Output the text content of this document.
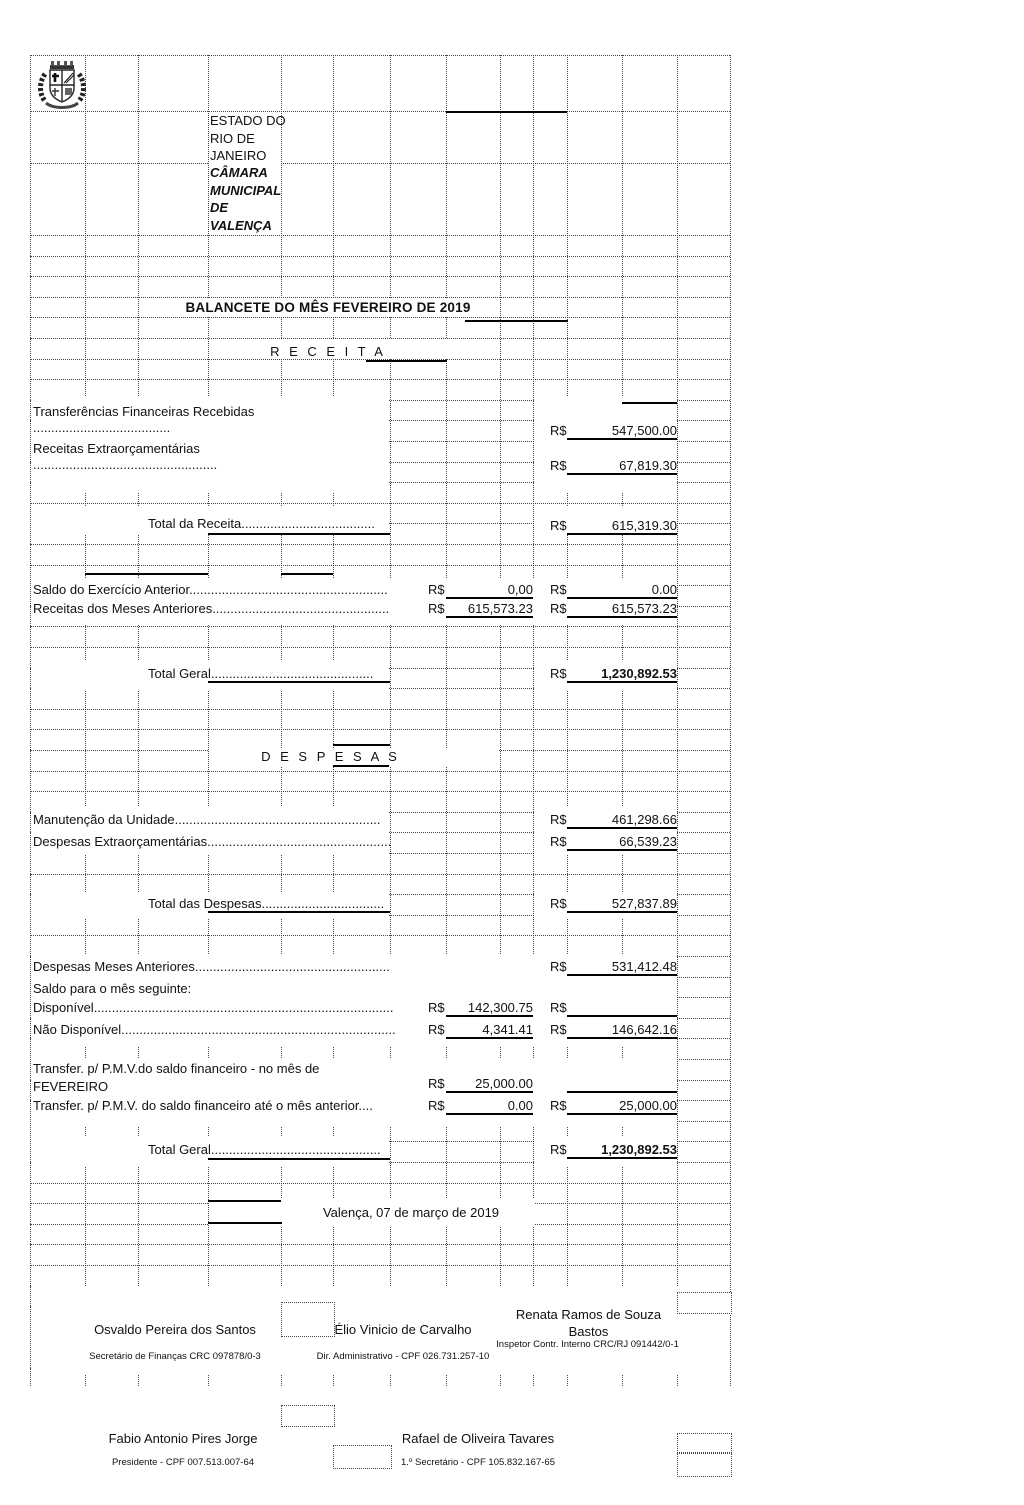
ESTADO DO RIO DE JANEIRO
CÂMARA MUNICIPAL DE VALENÇA
BALANCETE DO MÊS FEVEREIRO DE 2019
R E C E I T A
D E S P E S A S
Transferências Financeiras Recebidas
......................................	R$	547,500.00
Receitas Extraorçamentárias
...................................................	R$	67,819.30
Total da Receita.....................................	R$	615,319.30
Saldo do Exercício Anterior.......................................................	R$	0,00 R$	0.00
Receitas dos Meses Anteriores.................................................	R$	615,573.23 R$	615,573.23
Total Geral.............................................	R$	1,230,892.53
Manutenção da Unidade.........................................................	R$	461,298.66
Despesas Extraorçamentárias...................................................	R$	66,539.23
Total das Despesas..................................	R$	527,837.89
Despesas Meses Anteriores......................................................	R$	531,412.48
Saldo para o mês seguinte:
Disponível...................................................................................	R$	142,300.75 R$
Não Disponível............................................................................ R$	4,341.41 R$	146,642.16
Transfer. p/ P.M.V.do saldo financeiro - no mês de
FEVEREIRO	R$	25,000.00
Transfer. p/ P.M.V. do saldo financeiro até o mês anterior....	R$	0.00 R$	25,000.00
Total Geral...............................................	R$	1,230,892.53
Valença, 07 de março de 2019
Osvaldo Pereira dos Santos
Secretário de Finanças CRC 097878/0-3
Élio Vinicio de Carvalho
Dir. Administrativo - CPF 026.731.257-10
Renata Ramos de Souza Bastos
Inspetor Contr. Interno CRC/RJ 091442/0-1
Fabio Antonio Pires Jorge
Presidente - CPF 007.513.007-64
Rafael de Oliveira Tavares
1.º Secretário - CPF 105.832.167-65
